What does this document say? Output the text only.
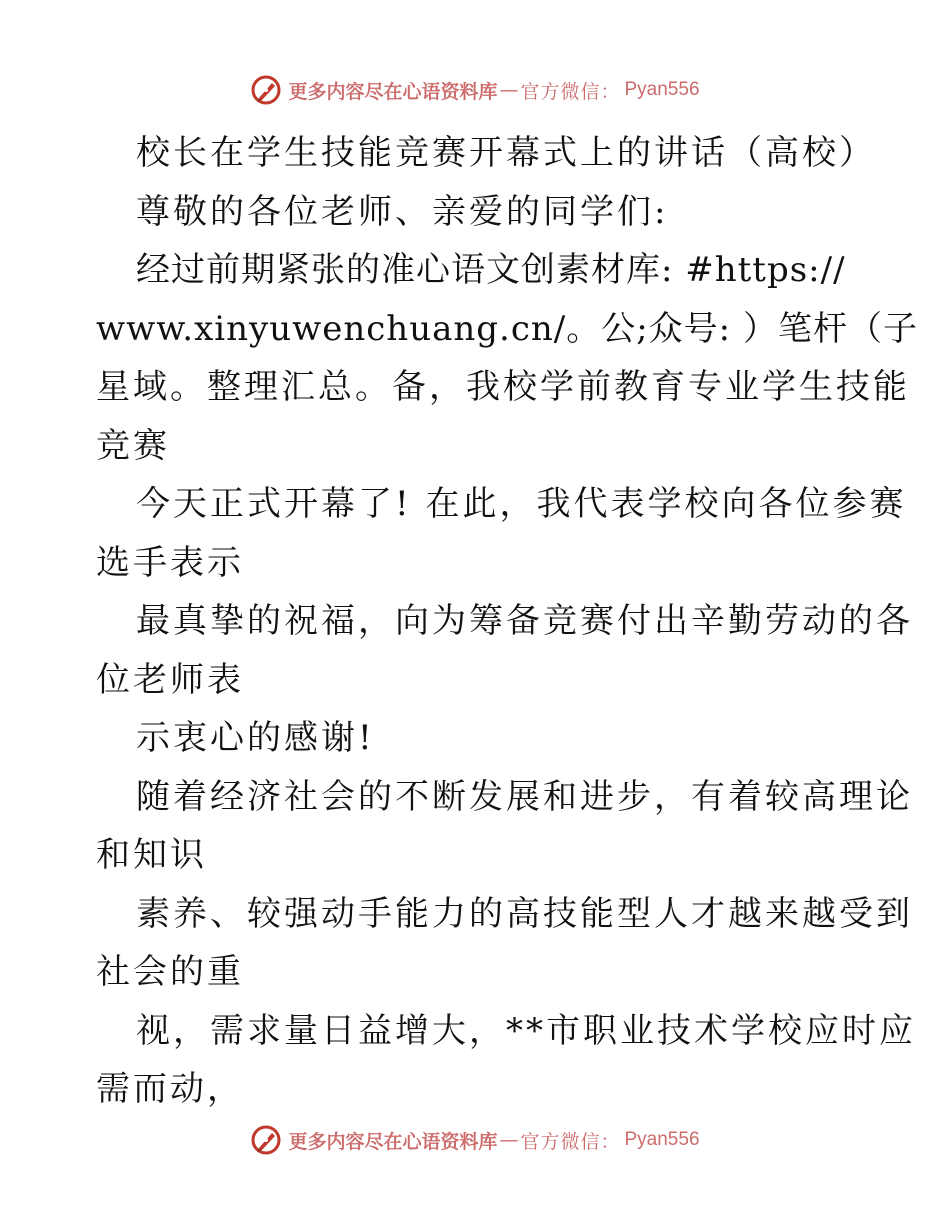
更多内容尽在心语资料库 — 官方微信： Pyan556
校长在学生技能竞赛开幕式上的讲话（高校）
尊敬的各位老师、亲爱的同学们:
经过前期紧张的准心语文创素材库: #https://
www.xinyuwenchuang.cn/。公;众号: ）笔杆（子
星域。整理汇总。备，我校学前教育专业学生技能
竞赛
今天正式开幕了! 在此，我代表学校向各位参赛
选手表示
最真挚的祝福，向为筹备竞赛付出辛勤劳动的各
位老师表
示衷心的感谢!
随着经济社会的不断发展和进步，有着较高理论
和知识
素养、较强动手能力的高技能型人才越来越受到
社会的重
视，需求量日益增大，**市职业技术学校应时应
需而动，
更多内容尽在心语资料库 — 官方微信： Pyan556
